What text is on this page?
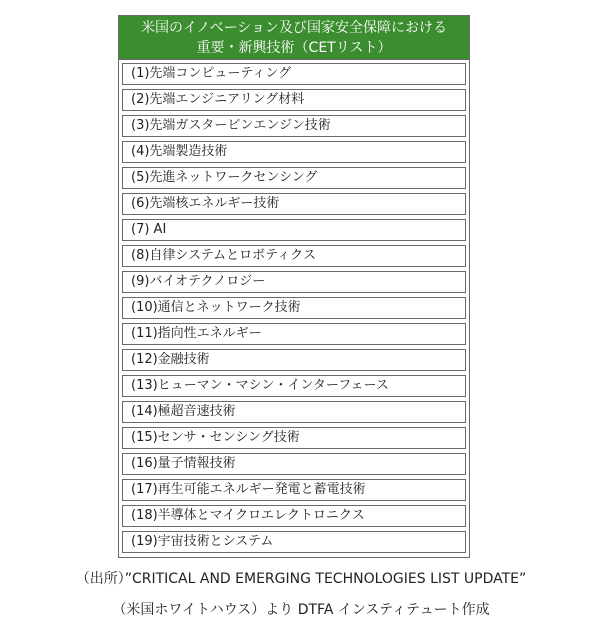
米国のイノベーション及び国家安全保障における
重要・新興技術（CETリスト）
(1)先端コンピューティング
(2)先端エンジニアリング材料
(3)先端ガスタービンエンジン技術
(4)先端製造技術
(5)先進ネットワークセンシング
(6)先端核エネルギー技術
(7) AI
(8)自律システムとロボティクス
(9)バイオテクノロジー
(10)通信とネットワーク技術
(11)指向性エネルギー
(12)金融技術
(13)ヒューマン・マシン・インターフェース
(14)極超音速技術
(15)センサ・センシング技術
(16)量子情報技術
(17)再生可能エネルギー発電と蓄電技術
(18)半導体とマイクロエレクトロニクス
(19)宇宙技術とシステム
（出所）”CRITICAL AND EMERGING TECHNOLOGIES LIST UPDATE”
（米国ホワイトハウス）より DTFA インスティテュート作成
